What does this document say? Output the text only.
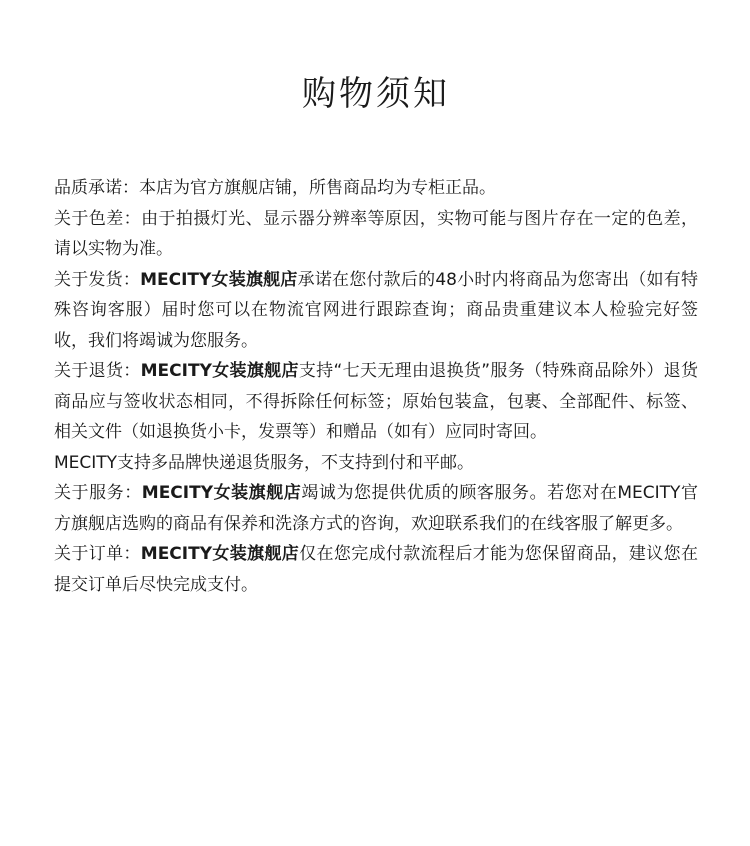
购物须知

品质承诺：本店为官方旗舰店铺，所售商品均为专柜正品。

关于色差：由于拍摄灯光、显示器分辨率等原因，实物可能与图片存在一定的色差，请以实物为准。

关于发货：MECITY女装旗舰店承诺在您付款后的48小时内将商品为您寄出（如有特殊咨询客服）届时您可以在物流官网进行跟踪查询；商品贵重建议本人检验完好签收，我们将竭诚为您服务。

关于退货：MECITY女装旗舰店支持“七天无理由退换货”服务（特殊商品除外）退货商品应与签收状态相同，不得拆除任何标签；原始包装盒，包裹、全部配件、标签、相关文件（如退换货小卡，发票等）和赠品（如有）应同时寄回。

MECITY支持多品牌快递退货服务，不支持到付和平邮。

关于服务：MECITY女装旗舰店竭诚为您提供优质的顾客服务。若您对在MECITY官方旗舰店选购的商品有保养和洗涤方式的咨询，欢迎联系我们的在线客服了解更多。

关于订单：MECITY女装旗舰店仅在您完成付款流程后才能为您保留商品，建议您在提交订单后尽快完成支付。
